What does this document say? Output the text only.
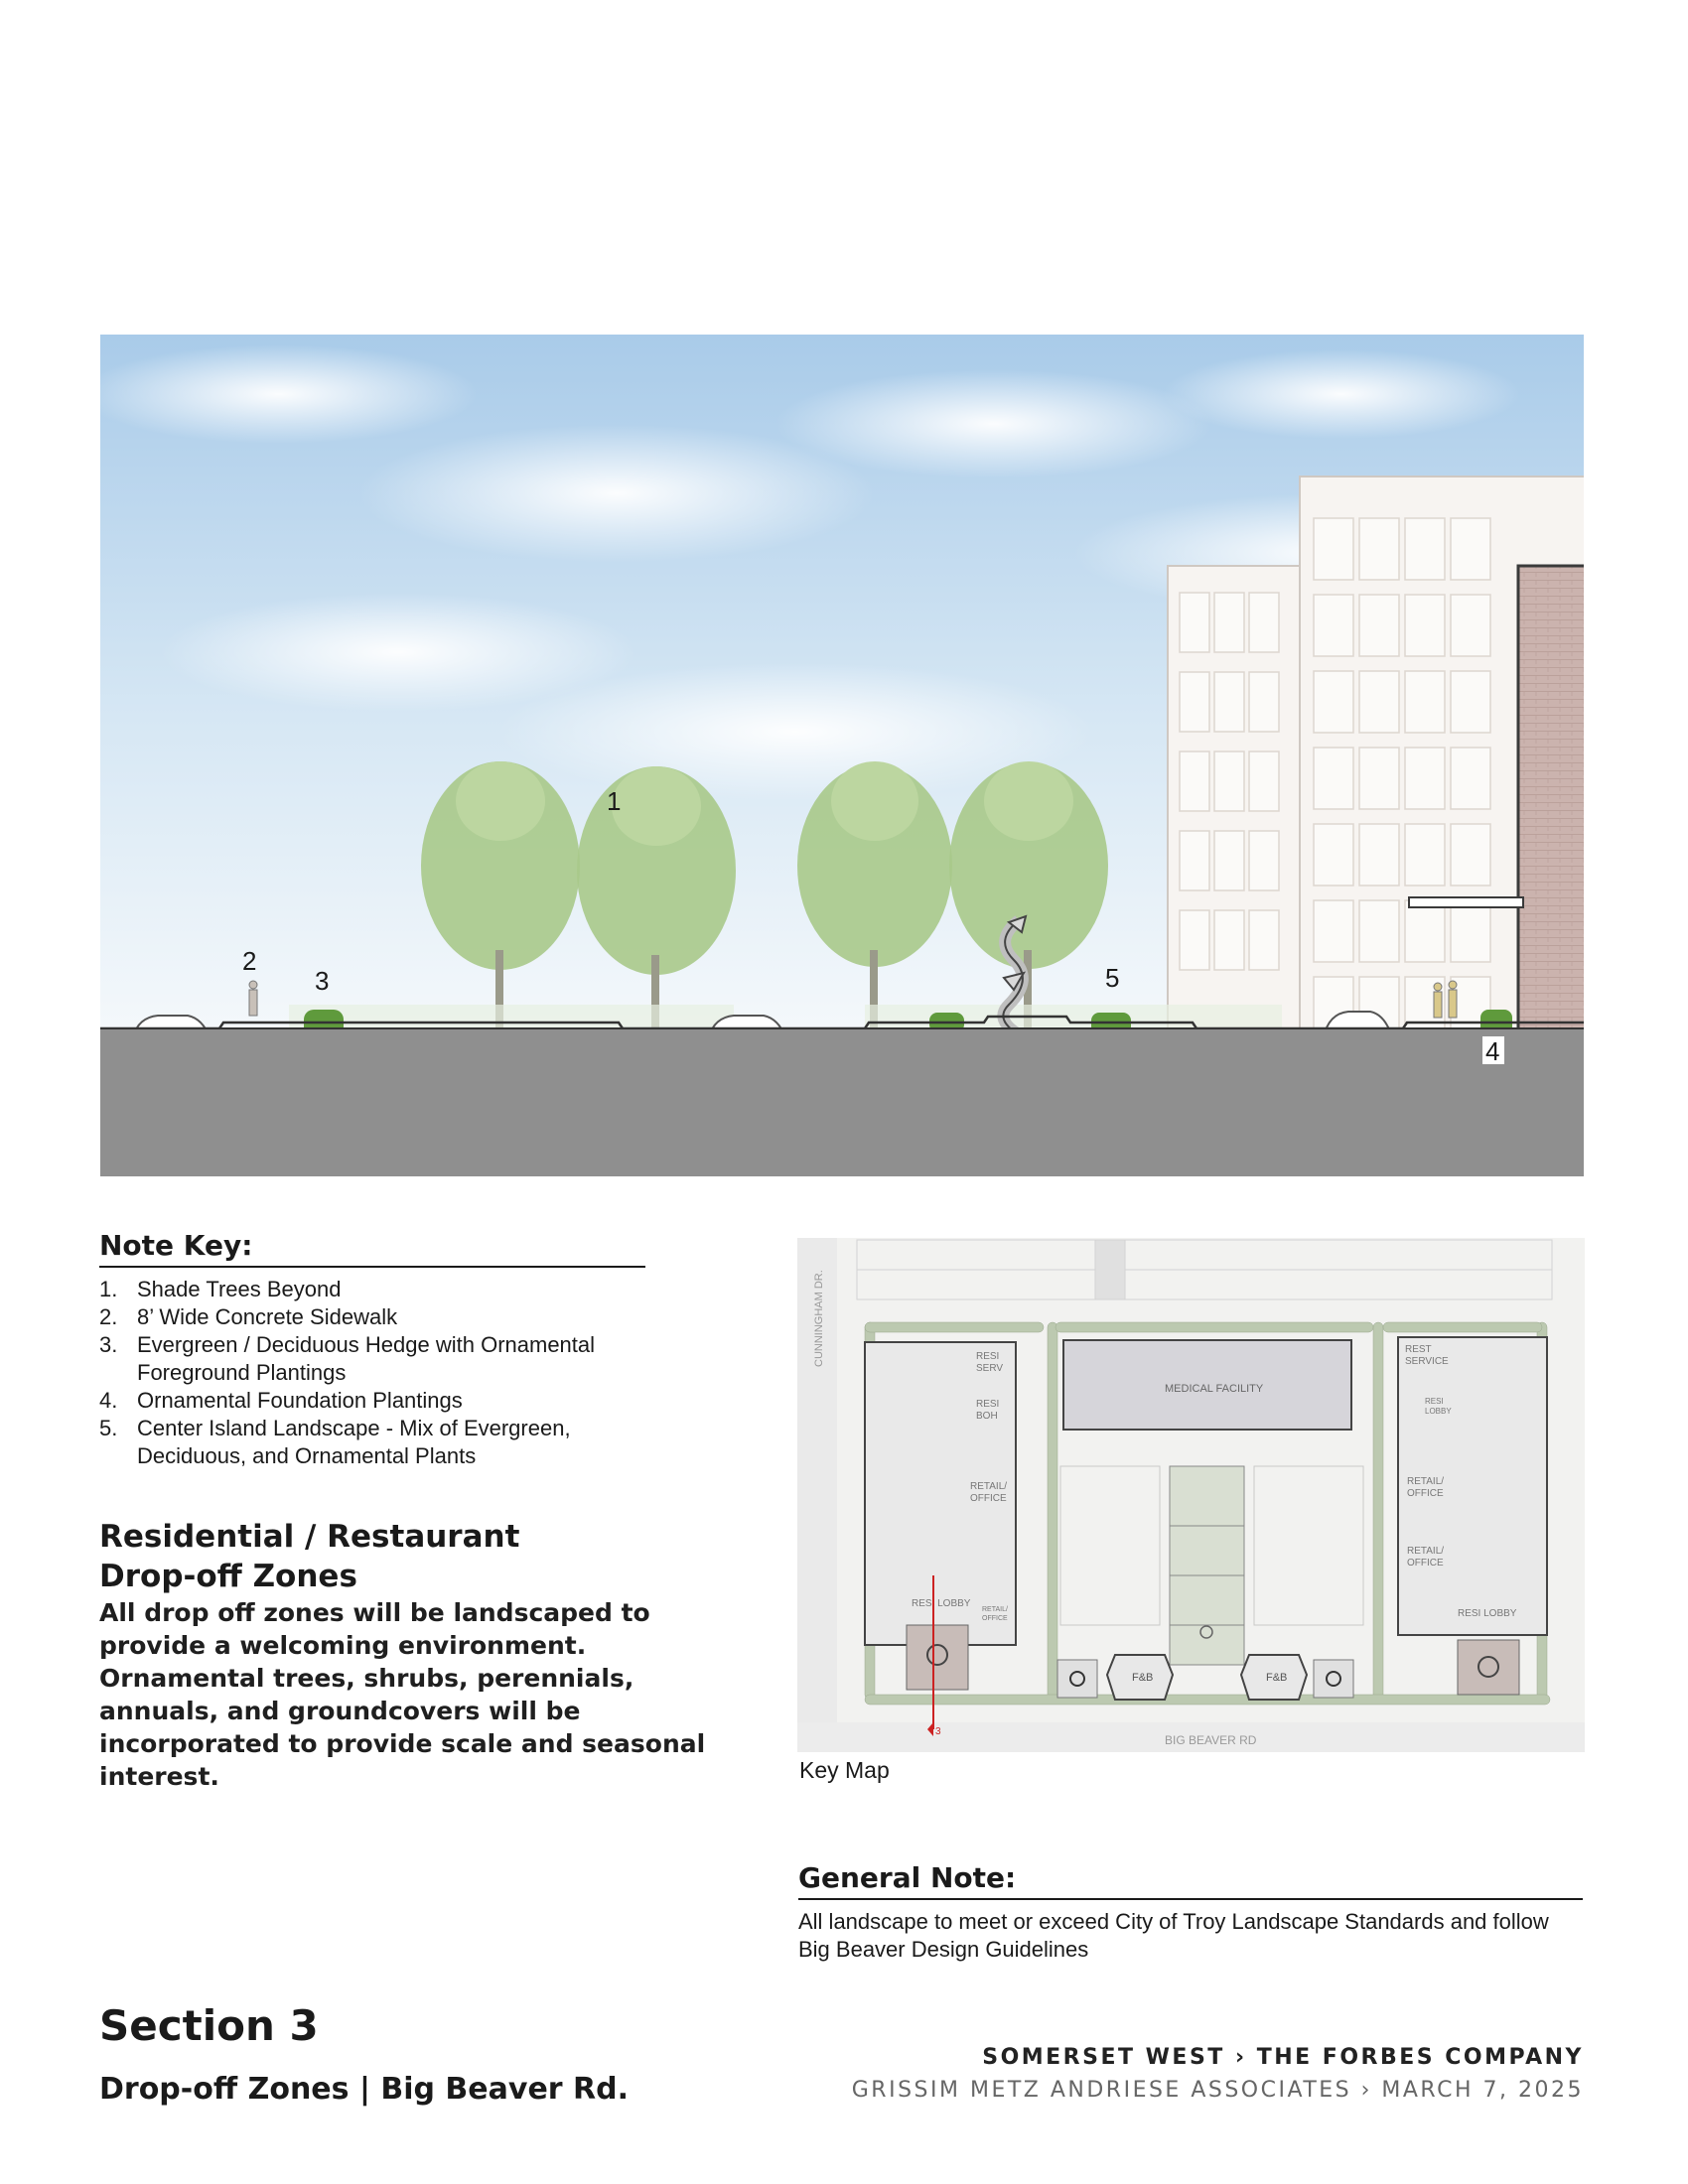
1
2
3
4
5
Note Key:
1. Shade Trees Beyond
2. 8’ Wide Concrete Sidewalk
3. Evergreen / Deciduous Hedge with Ornamental Foreground Plantings
4. Ornamental Foundation Plantings
5. Center Island Landscape - Mix of Evergreen, Deciduous, and Ornamental Plants
Residential / Restaurant
Drop-off Zones

All drop off zones will be landscaped to provide a welcoming environment. Ornamental trees, shrubs, perennials, annuals, and groundcovers will be incorporated to provide scale and seasonal interest.

CUNNINGHAM DR.
BIG BEAVER RD
RESI
SERV
RESI
BOH
RETAIL/
OFFICE
RESI LOBBY
RETAIL/
OFFICE
MEDICAL FACILITY
F&B	F&B
REST
SERVICE
RESI
LOBBY
RETAIL/
OFFICE
RETAIL/
OFFICE
RESI LOBBY
3
Key Map
General Note:

All landscape to meet or exceed City of Troy Landscape Standards and follow Big Beaver Design Guidelines

Section 3
Drop-off Zones | Big Beaver Rd.
SOMERSET WEST › THE FORBES COMPANY
GRISSIM METZ ANDRIESE ASSOCIATES › MARCH 7, 2025
